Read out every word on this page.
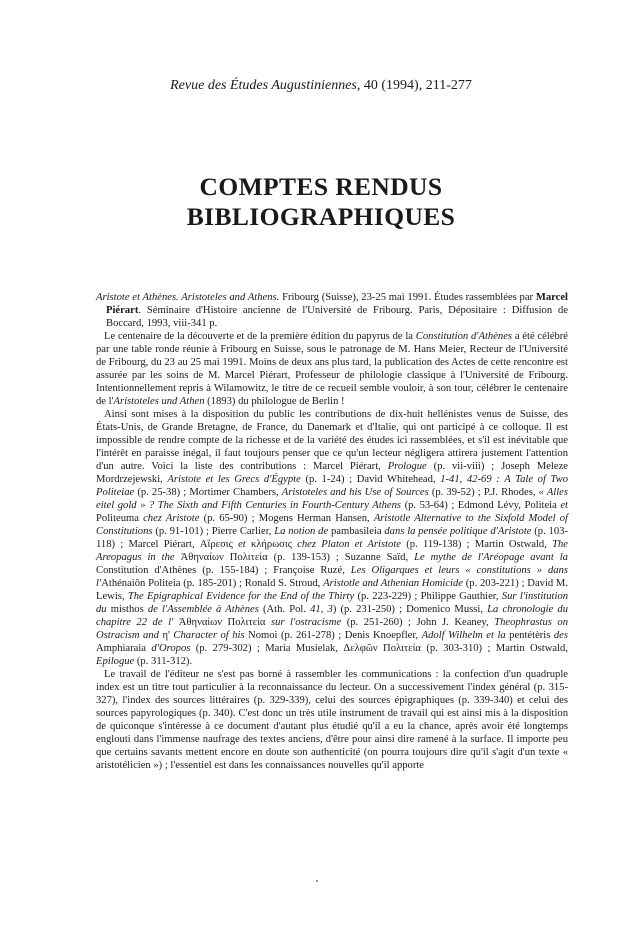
Revue des Études Augustiniennes, 40 (1994), 211-277
COMPTES RENDUS
BIBLIOGRAPHIQUES

Aristote et Athènes. Aristoteles and Athens. Fribourg (Suisse), 23-25 mai 1991. Études rassemblées par Marcel Piérart. Séminaire d'Histoire ancienne de l'Université de Fribourg. Paris, Dépositaire : Diffusion de Boccard, 1993, viii-341 p.

Le centenaire de la découverte et de la première édition du papyrus de la Constitution d'Athènes a été célébré par une table ronde réunie à Fribourg en Suisse, sous le patronage de M. Hans Meier, Recteur de l'Université de Fribourg, du 23 au 25 mai 1991. Moins de deux ans plus tard, la publication des Actes de cette rencontre est assurée par les soins de M. Marcel Piérart, Professeur de philologie classique à l'Université de Fribourg. Intentionnellement repris à Wilamowitz, le titre de ce recueil semble vouloir, à son tour, célébrer le centenaire de l'Aristoteles und Athen (1893) du philologue de Berlin !

Ainsi sont mises à la disposition du public les contributions de dix-huit hellénistes venus de Suisse, des États-Unis, de Grande Bretagne, de France, du Danemark et d'Italie, qui ont participé à ce colloque. Il est impossible de rendre compte de la richesse et de la variété des études ici rassemblées, et s'il est inévitable que l'intérêt en paraisse inégal, il faut toujours penser que ce qu'un lecteur négligera attirera justement l'attention d'un autre. Voici la liste des contributions : Marcel Piérart, Prologue (p. vii-viii) ; Joseph Meleze Mordrzejewski, Aristote et les Grecs d'Égypte (p. 1-24) ; David Whitehead, 1-41, 42-69 : A Tale of Two Politeiae (p. 25-38) ; Mortimer Chambers, Aristoteles and his Use of Sources (p. 39-52) ; P.J. Rhodes, « Alles eitel gold » ? The Sixth and Fifth Centuries in Fourth-Century Athens (p. 53-64) ; Edmond Lévy, Politeia et Politeuma chez Aristote (p. 65-90) ; Mogens Herman Hansen, Aristotle Alternative to the Sixfold Model of Constitutions (p. 91-101) ; Pierre Carlier, La notion de pambasileia dans la pensée politique d'Aristote (p. 103-118) ; Marcel Piérart, Αἵρεσις et κλήρωσις chez Platon et Aristote (p. 119-138) ; Martin Ostwald, The Areopagus in the Ἀθηναίων Πολιτεία (p. 139-153) ; Suzanne Saïd, Le mythe de l'Aréopage avant la Constitution d'Athènes (p. 155-184) ; Françoise Ruzé, Les Oligarques et leurs « constitutions » dans l'Athénaiôn Politeia (p. 185-201) ; Ronald S. Stroud, Aristotle and Athenian Homicide (p. 203-221) ; David M. Lewis, The Epigraphical Evidence for the End of the Thirty (p. 223-229) ; Philippe Gauthier, Sur l'institution du misthos de l'Assemblée à Athènes (Ath. Pol. 41, 3) (p. 231-250) ; Domenico Mussi, La chronologie du chapitre 22 de l' Ἀθηναίων Πολιτεία sur l'ostracisme (p. 251-260) ; John J. Keaney, Theophrastus on Ostracism and η' Character of his Nomoi (p. 261-278) ; Denis Knoepfler, Adolf Wilhelm et la pentétèris des Amphiaraia d'Oropos (p. 279-302) ; Maria Musielak, Δελφῶν Πολιτεία (p. 303-310) ; Martin Ostwald, Epilogue (p. 311-312).

Le travail de l'éditeur ne s'est pas borné à rassembler les communications : la confection d'un quadruple index est un titre tout particulier à la reconnaissance du lecteur. On a successivement l'index général (p. 315-327), l'index des sources littéraires (p. 329-339), celui des sources épigraphiques (p. 339-340) et celui des sources papyrologiques (p. 340). C'est donc un très utile instrument de travail qui est ainsi mis à la disposition de quiconque s'intéresse à ce document d'autant plus étudié qu'il a eu la chance, après avoir été longtemps englouti dans l'immense naufrage des textes anciens, d'être pour ainsi dire ramené à la surface. Il importe peu que certains savants mettent encore en doute son authenticité (on pourra toujours dire qu'il s'agit d'un texte « aristotélicien ») ; l'essentiel est dans les connaissances nouvelles qu'il apporte
